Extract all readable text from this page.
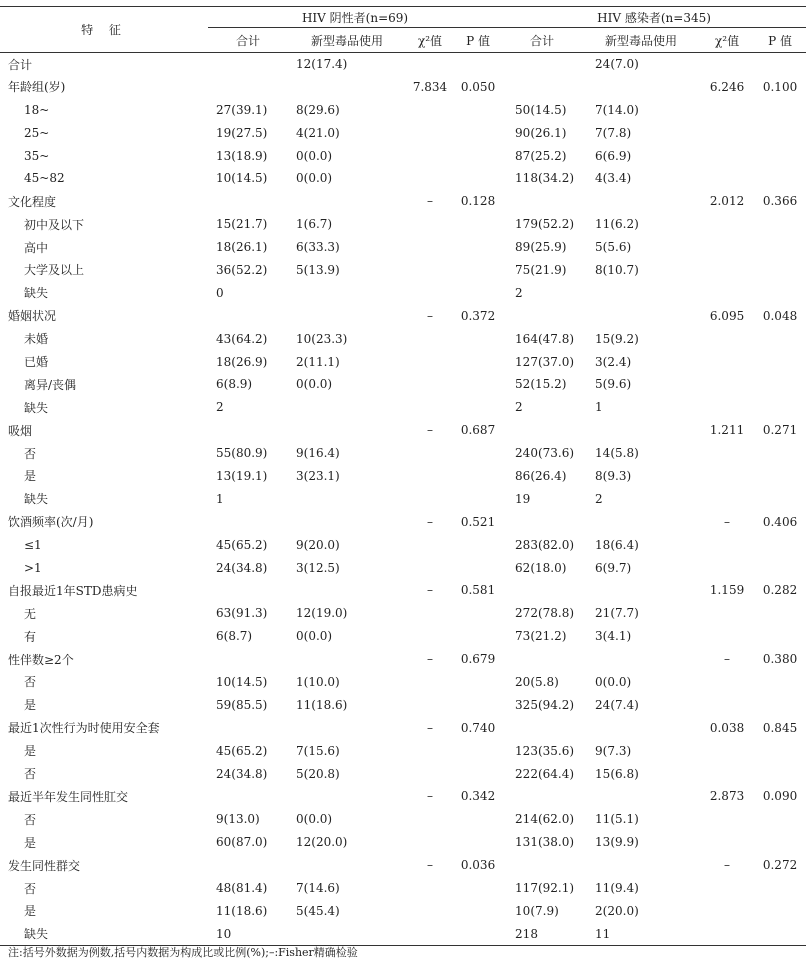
特 征	HIV 阴性者(n=69)				HIV 感染者(n=345)			
	合计	新型毒品使用	χ²值	P 值	合计	新型毒品使用	χ²值	P 值
合计		12(17.4)				24(7.0)		
年龄组(岁)			7.834	0.050			6.246	0.100
18~	27(39.1)	8(29.6)			50(14.5)	7(14.0)		
25~	19(27.5)	4(21.0)			90(26.1)	7(7.8)		
35~	13(18.9)	0(0.0)			87(25.2)	6(6.9)		
45~82	10(14.5)	0(0.0)			118(34.2)	4(3.4)		
文化程度			–	0.128			2.012	0.366
初中及以下	15(21.7)	1(6.7)			179(52.2)	11(6.2)		
高中	18(26.1)	6(33.3)			89(25.9)	5(5.6)		
大学及以上	36(52.2)	5(13.9)			75(21.9)	8(10.7)		
缺失	0				2			
婚姻状况			–	0.372			6.095	0.048
未婚	43(64.2)	10(23.3)			164(47.8)	15(9.2)		
已婚	18(26.9)	2(11.1)			127(37.0)	3(2.4)		
离异/丧偶	6(8.9)	0(0.0)			52(15.2)	5(9.6)		
缺失	2				2	1		
吸烟			–	0.687			1.211	0.271
否	55(80.9)	9(16.4)			240(73.6)	14(5.8)		
是	13(19.1)	3(23.1)			86(26.4)	8(9.3)		
缺失	1				19	2		
饮酒频率(次/月)			–	0.521			–	0.406
≤1	45(65.2)	9(20.0)			283(82.0)	18(6.4)		
>1	24(34.8)	3(12.5)			62(18.0)	6(9.7)		
自报最近1年STD患病史			–	0.581			1.159	0.282
无	63(91.3)	12(19.0)			272(78.8)	21(7.7)		
有	6(8.7)	0(0.0)			73(21.2)	3(4.1)		
性伴数≥2个			–	0.679			–	0.380
否	10(14.5)	1(10.0)			20(5.8)	0(0.0)		
是	59(85.5)	11(18.6)			325(94.2)	24(7.4)		
最近1次性行为时使用安全套			–	0.740			0.038	0.845
是	45(65.2)	7(15.6)			123(35.6)	9(7.3)		
否	24(34.8)	5(20.8)			222(64.4)	15(6.8)		
最近半年发生同性肛交			–	0.342			2.873	0.090
否	9(13.0)	0(0.0)			214(62.0)	11(5.1)		
是	60(87.0)	12(20.0)			131(38.0)	13(9.9)		
发生同性群交			–	0.036			–	0.272
否	48(81.4)	7(14.6)			117(92.1)	11(9.4)		
是	11(18.6)	5(45.4)			10(7.9)	2(20.0)		
缺失	10				218	11		
注:括号外数据为例数,括号内数据为构成比或比例(%);–:Fisher精确检验
